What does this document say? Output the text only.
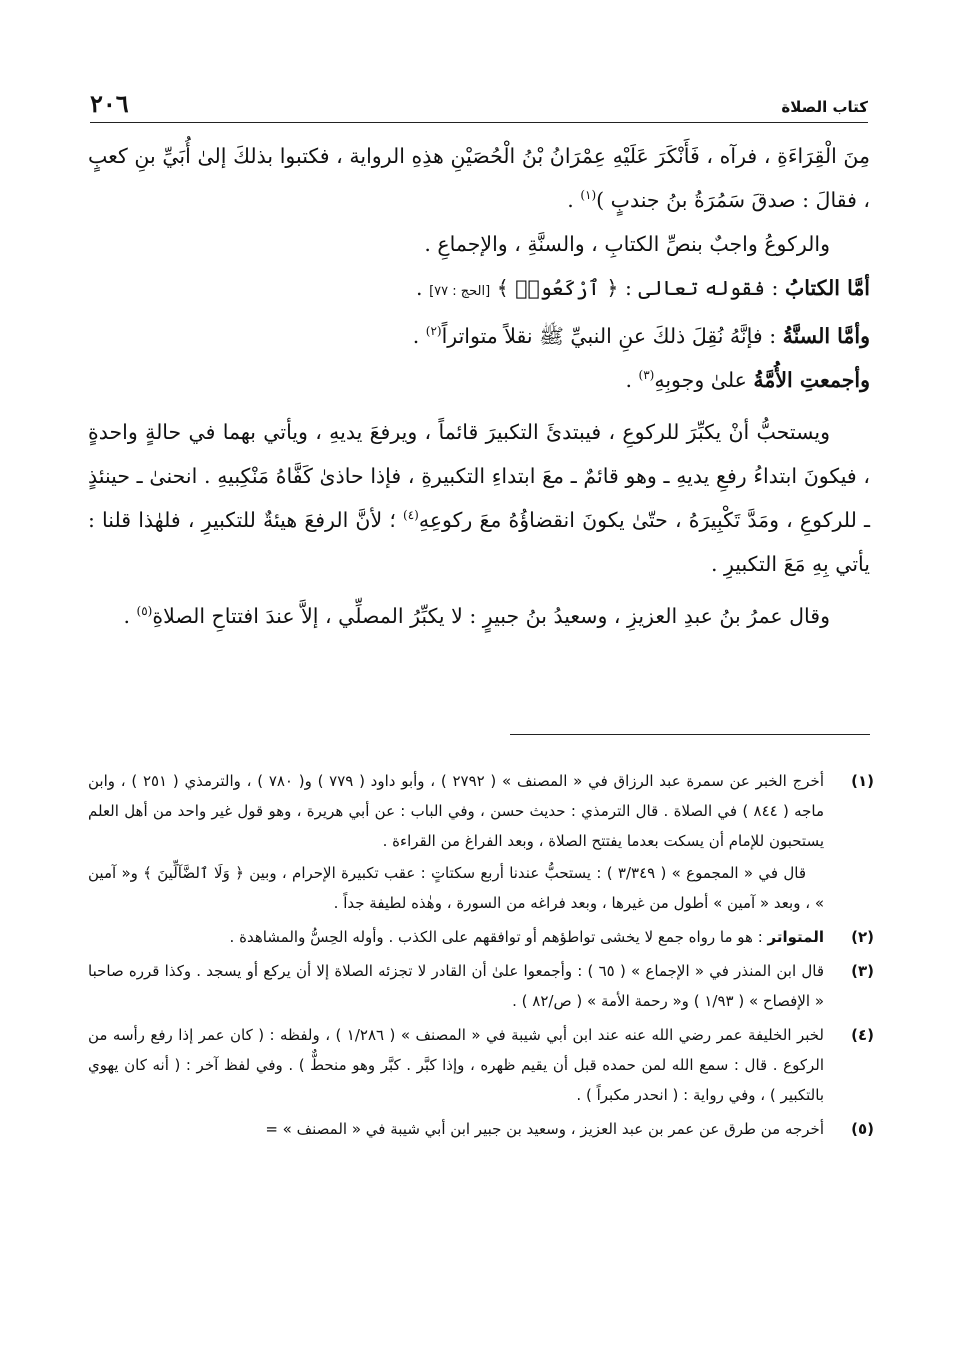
كتاب الصلاة
٢٠٦

مِنَ الْقِرَاءَةِ ، فرآه ، فَأَنْكَرَ عَلَيْهِ عِمْرَانُ بْنُ الْحُصَيْنِ هذِهِ الرواية ، فكتبوا بذلكَ إلىٰ أُبَيِّ بنِ كعبٍ ، فقالَ : صدقَ سَمُرَةُ بنُ جندبٍ )$^{(١)}$ .

والركوعُ واجبٌ بنصِّ الكتابِ ، والسنَّةِ ، والإجماعِ .

أمَّا الكتابُ : فقوله تعالى : ﴿ ٱرْكَعُوا۟ ﴾ [الحج : ٧٧] .

وأمَّا السنَّةُ : فإنَّهُ نُقِلَ ذلكَ عنِ النبيِّ ﷺ نقلاً متواتراً$^{(٢)}$ .

وأجمعتِ الأُمَّةُ علىٰ وجوبِهِ$^{(٣)}$ .

ويستحبُّ أنْ يكبِّرَ للركوعِ ، فيبتدئَ التكبيرَ قائماً ، ويرفعَ يديهِ ، ويأتي بهما في حالةٍ واحدةٍ ، فيكونَ ابتداءُ رفعِ يديهِ ـ وهو قائمٌ ـ معَ ابتداءِ التكبيرةِ ، فإذا حاذىٰ كَفَّاهُ مَنْكِبيهِ . انحنىٰ ـ حينئذٍ ـ للركوعِ ، ومَدَّ تَكْبِيرَهُ ، حتّىٰ يكونَ انقضاؤُهُ معَ ركوعِهِ$^{(٤)}$ ؛ لأنَّ الرفعَ هيئةٌ للتكبيرِ ، فلهٰذا قلنا : يأتي بِهِ مَعَ التكبيرِ .

وقال عمرُ بنُ عبدِ العزيزِ ، وسعيدُ بنُ جبيرٍ : لا يكبِّرُ المصلِّي ، إلاَّ عندَ افتتاحِ الصلاةِ$^{(٥)}$ .

(١)

أخرج الخبر عن سمرة عبد الرزاق في « المصنف » ( ٢٧٩٢ ) ، وأبو داود ( ٧٧٩ ) و( ٧٨٠ ) ، والترمذي ( ٢٥١ ) ، وابن ماجه ( ٨٤٤ ) في الصلاة . قال الترمذي : حديث حسن ، وفي الباب : عن أبي هريرة ، وهو قول غير واحد من أهل العلم يستحبون للإمام أن يسكت بعدما يفتتح الصلاة ، وبعد الفراغ من القراءة .

قال في « المجموع » ( ٣/٣٤٩ ) : يستحبُّ عندنا أربع سكتاتٍ : عقب تكبيرة الإحرام ، وبين ﴿ وَلَا ٱلضَّآلِّينَ ﴾ و« آمين » ، وبعد « آمين » أطول من غيرها ، وبعد فراغه من السورة ، وهٰذه لطيفة جداً .

(٢)

المتواتر : هو ما رواه جمع لا يخشى تواطؤهم أو توافقهم على الكذب . وأوله الحِسُّ والمشاهدة .

(٣)

قال ابن المنذر في « الإجماع » ( ٦٥ ) : وأجمعوا علىٰ أن القادر لا تجزئه الصلاة إلا أن يركع أو يسجد . وكذا قرره صاحبا « الإفصاح » ( ١/٩٣ ) و« رحمة الأمة » ( ص/٨٢ ) .

(٤)

لخبر الخليفة عمر رضي الله عنه عند ابن أبي شيبة في « المصنف » ( ١/٢٨٦ ) ، ولفظه : ( كان عمر إذا رفع رأسه من الركوع . قال : سمع الله لمن حمده قبل أن يقيم ظهره ، وإذا كبَّر . كبَّر وهو منحطٌّ ) . وفي لفظ آخر : ( أنه كان يهوي بالتكبير ) ، وفي رواية : ( انحدر مكبراً ) .

(٥)

أخرجه من طرق عن عمر بن عبد العزيز ، وسعيد بن جبير ابن أبي شيبة في « المصنف » =
